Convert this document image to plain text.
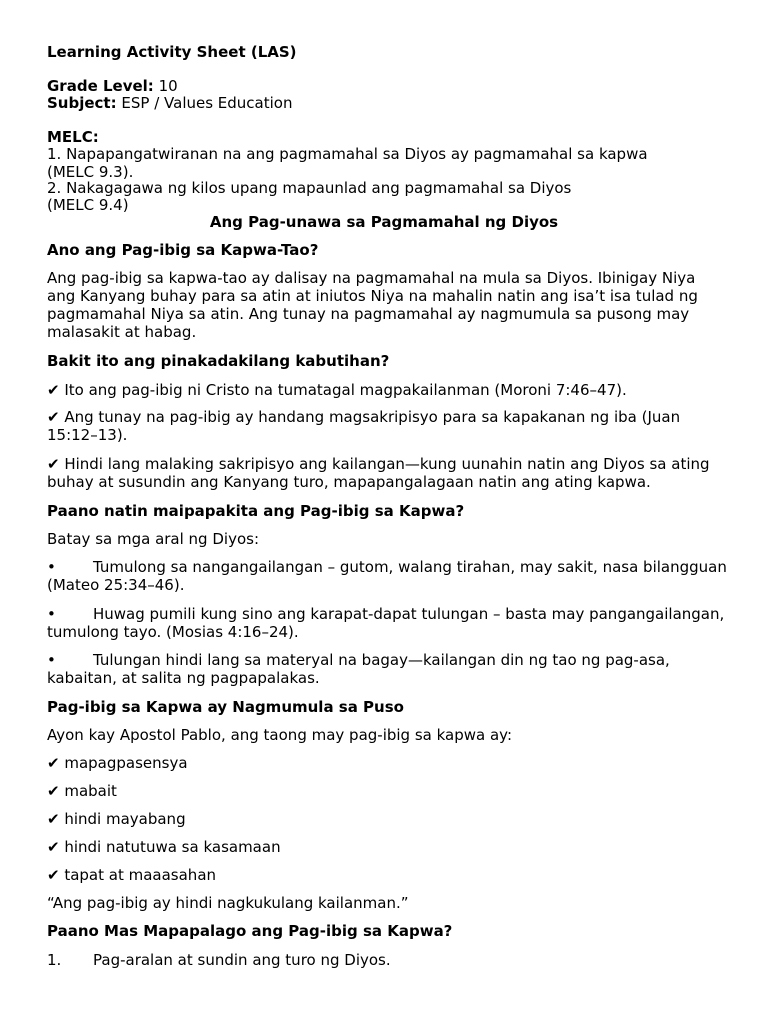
Learning Activity Sheet (LAS)

Grade Level: 10

Subject: ESP / Values Education

MELC:

1. Napapangatwiranan na ang pagmamahal sa Diyos ay pagmamahal sa kapwa (MELC 9.3).

2. Nakagagawa ng kilos upang mapaunlad ang pagmamahal sa Diyos

(MELC 9.4)

Ang Pag-unawa sa Pagmamahal ng Diyos

Ano ang Pag-ibig sa Kapwa-Tao?

Ang pag-ibig sa kapwa-tao ay dalisay na pagmamahal na mula sa Diyos. Ibinigay Niya ang Kanyang buhay para sa atin at iniutos Niya na mahalin natin ang isa’t isa tulad ng pagmamahal Niya sa atin. Ang tunay na pagmamahal ay nagmumula sa pusong may malasakit at habag.

Bakit ito ang pinakadakilang kabutihan?

✔ Ito ang pag-ibig ni Cristo na tumatagal magpakailanman (Moroni 7:46–47).

✔ Ang tunay na pag-ibig ay handang magsakripisyo para sa kapakanan ng iba (Juan 15:12–13).

✔ Hindi lang malaking sakripisyo ang kailangan—kung uunahin natin ang Diyos sa ating buhay at susundin ang Kanyang turo, mapapangalagaan natin ang ating kapwa.

Paano natin maipapakita ang Pag-ibig sa Kapwa?

Batay sa mga aral ng Diyos:

• Tumulong sa nangangailangan – gutom, walang tirahan, may sakit, nasa bilangguan (Mateo 25:34–46).

• Huwag pumili kung sino ang karapat-dapat tulungan – basta may pangangailangan, tumulong tayo. (Mosias 4:16–24).

• Tulungan hindi lang sa materyal na bagay—kailangan din ng tao ng pag-asa, kabaitan, at salita ng pagpapalakas.

Pag-ibig sa Kapwa ay Nagmumula sa Puso

Ayon kay Apostol Pablo, ang taong may pag-ibig sa kapwa ay:

✔ mapagpasensya

✔ mabait

✔ hindi mayabang

✔ hindi natutuwa sa kasamaan

✔ tapat at maaasahan

“Ang pag-ibig ay hindi nagkukulang kailanman.”

Paano Mas Mapapalago ang Pag-ibig sa Kapwa?

1. Pag-aralan at sundin ang turo ng Diyos.
